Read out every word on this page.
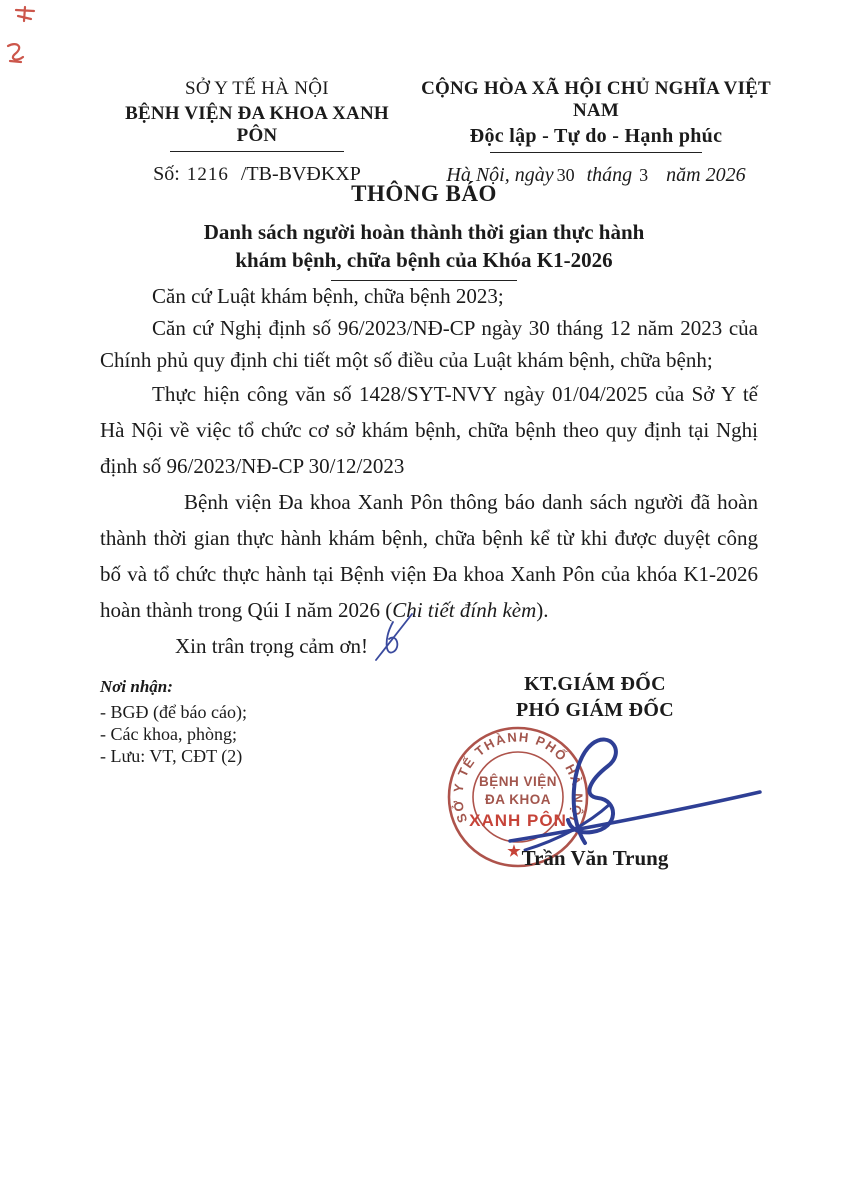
SỞ Y TẾ HÀ NỘI
BỆNH VIỆN ĐA KHOA XANH PÔN
Số: 1216 /TB-BVĐKXP
CỘNG HÒA XÃ HỘI CHỦ NGHĨA VIỆT NAM
Độc lập - Tự do - Hạnh phúc
Hà Nội, ngày 30 tháng 3 năm 2026
THÔNG BÁO
Danh sách người hoàn thành thời gian thực hành
khám bệnh, chữa bệnh của Khóa K1-2026

Căn cứ Luật khám bệnh, chữa bệnh 2023;

Căn cứ Nghị định số 96/2023/NĐ-CP ngày 30 tháng 12 năm 2023 của Chính phủ quy định chi tiết một số điều của Luật khám bệnh, chữa bệnh;

Thực hiện công văn số 1428/SYT-NVY ngày 01/04/2025 của Sở Y tế Hà Nội về việc tổ chức cơ sở khám bệnh, chữa bệnh theo quy định tại Nghị định số 96/2023/NĐ-CP 30/12/2023

Bệnh viện Đa khoa Xanh Pôn thông báo danh sách người đã hoàn thành thời gian thực hành khám bệnh, chữa bệnh kể từ khi được duyệt công bố và tổ chức thực hành tại Bệnh viện Đa khoa Xanh Pôn của khóa K1-2026 hoàn thành trong Qúi I năm 2026 (Chi tiết đính kèm).

Xin trân trọng cảm ơn!

Nơi nhận:
- BGĐ (để báo cáo);
- Các khoa, phòng;
- Lưu: VT, CĐT (2)
KT.GIÁM ĐỐC
PHÓ GIÁM ĐỐC
SỞ Y TẾ THÀNH PHỐ HÀ NỘI
BỆNH VIỆN
ĐA KHOA
XANH PÔN
★ Trần Văn Trung
